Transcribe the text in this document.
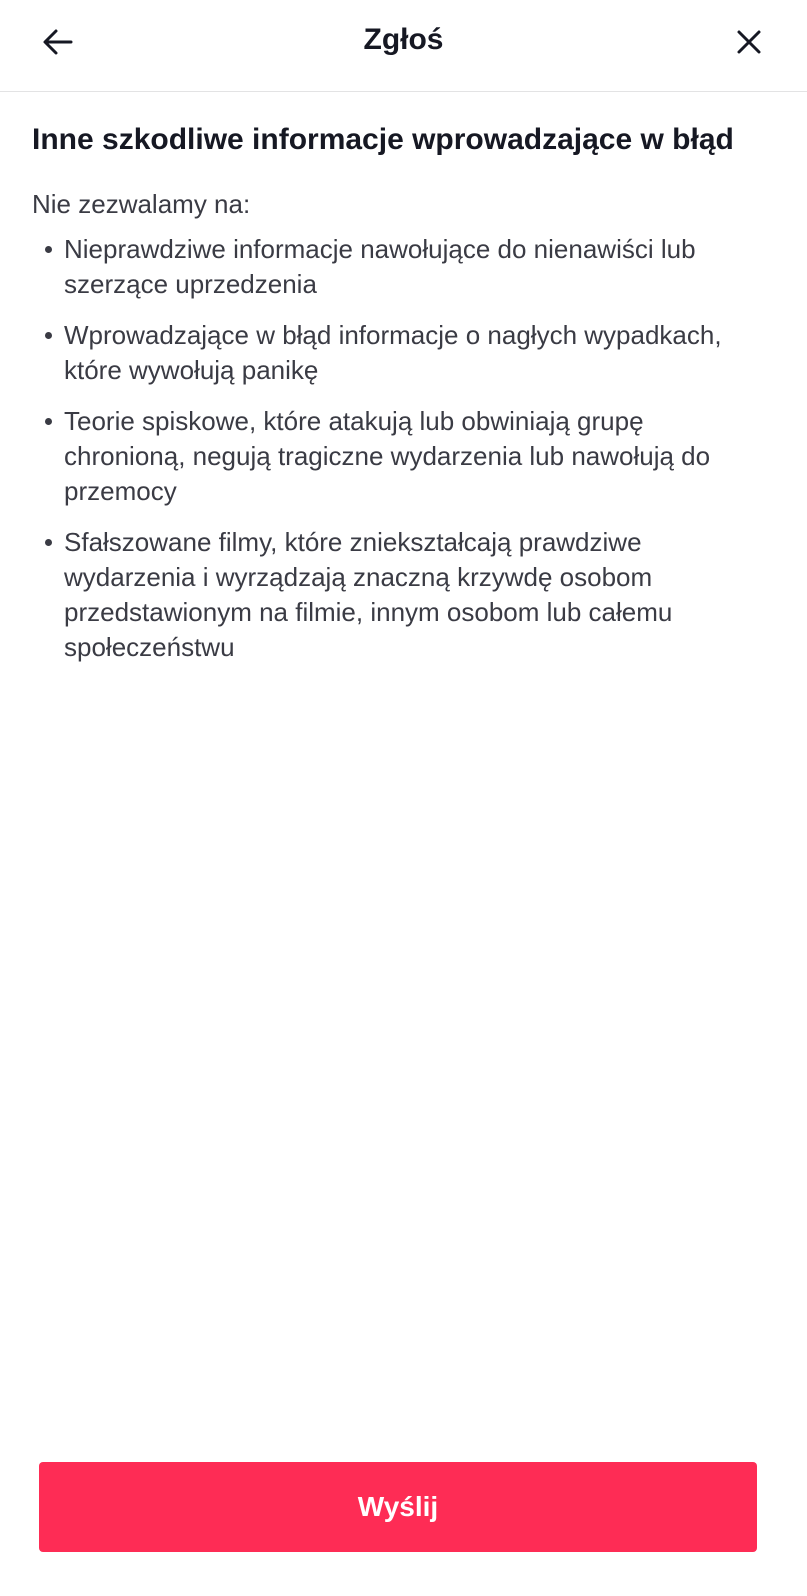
Zgłoś
Inne szkodliwe informacje wprowadzające w błąd

Nie zezwalamy na:

Nieprawdziwe informacje nawołujące do nienawiści lub szerzące uprzedzenia
Wprowadzające w błąd informacje o nagłych wypadkach, które wywołują panikę
Teorie spiskowe, które atakują lub obwiniają grupę chronioną, negują tragiczne wydarzenia lub nawołują do przemocy
Sfałszowane filmy, które zniekształcają prawdziwe wydarzenia i wyrządzają znaczną krzywdę osobom przedstawionym na filmie, innym osobom lub całemu społeczeństwu
Wyślij
